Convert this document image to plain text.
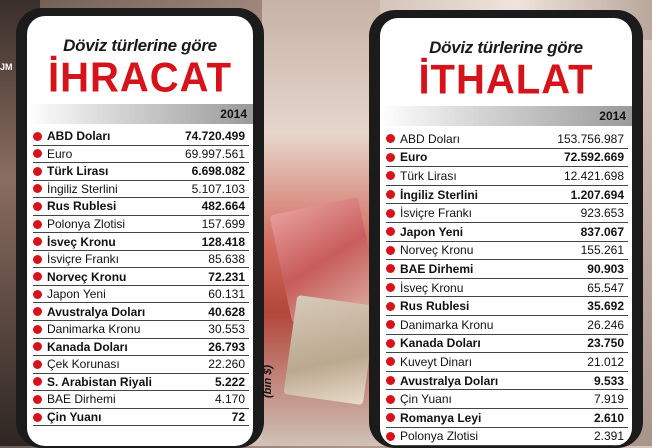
JM
Döviz türlerine göre
İHRACAT
2014
ABD Doları	74.720.499
Euro	69.997.561
Türk Lirası	6.698.082
İngiliz Sterlini	5.107.103
Rus Rublesi	482.664
Polonya Zlotisi	157.699
İsveç Kronu	128.418
İsviçre Frankı	85.638
Norveç Kronu	72.231
Japon Yeni	60.131
Avustralya Doları	40.628
Danimarka Kronu	30.553
Kanada Doları	26.793
Çek Korunası	22.260
S. Arabistan Riyali	5.222
BAE Dirhemi	4.170
Çin Yuanı	72
(bin $)
Döviz türlerine göre
İTHALAT
2014
ABD Doları	153.756.987
Euro	72.592.669
Türk Lirası	12.421.698
İngiliz Sterlini	1.207.694
İsviçre Frankı	923.653
Japon Yeni	837.067
Norveç Kronu	155.261
BAE Dirhemi	90.903
İsveç Kronu	65.547
Rus Rublesi	35.692
Danimarka Kronu	26.246
Kanada Doları	23.750
Kuveyt Dinarı	21.012
Avustralya Doları	9.533
Çin Yuanı	7.919
Romanya Leyi	2.610
Polonya Zlotisi	2.391
